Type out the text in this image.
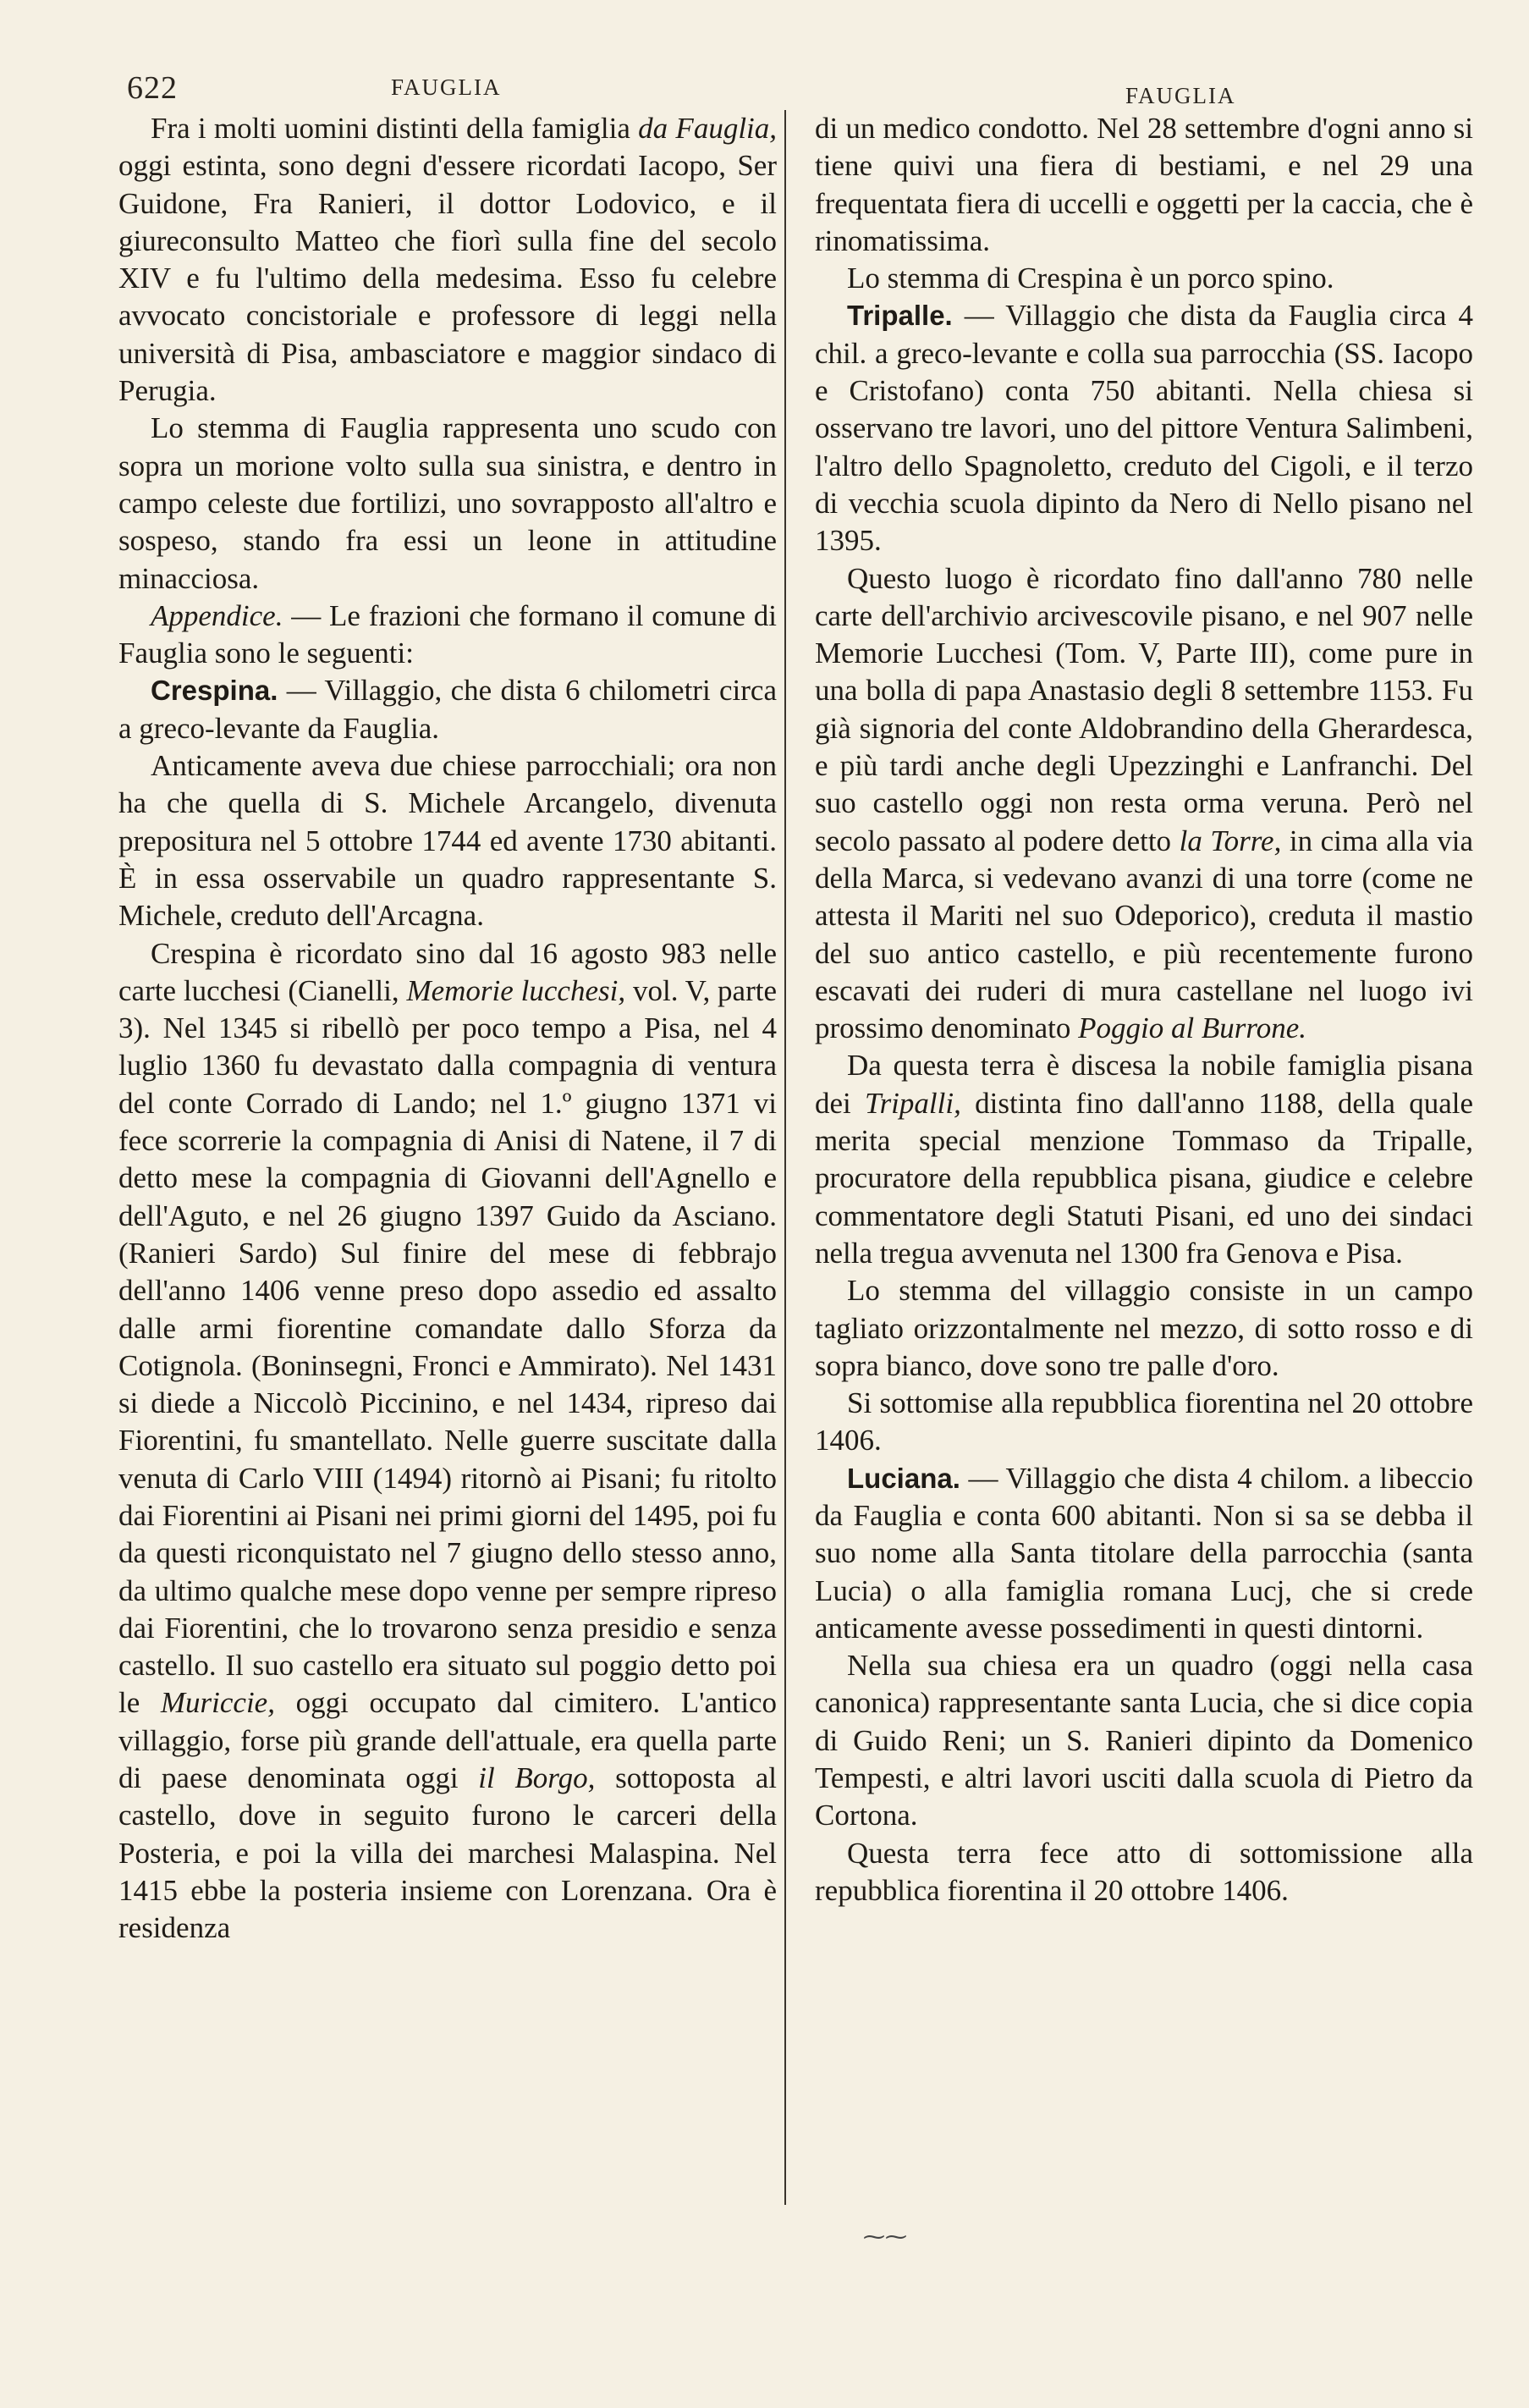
622	FAUGLIA	FAUGLIA

Fra i molti uomini distinti della famiglia da Fauglia, oggi estinta, sono degni d'essere ricordati Iacopo, Ser Guidone, Fra Ranieri, il dottor Lodovico, e il giureconsulto Matteo che fiorì sulla fine del secolo XIV e fu l'ultimo della medesima. Esso fu celebre avvocato concistoriale e professore di leggi nella università di Pisa, ambasciatore e maggior sindaco di Perugia.

Lo stemma di Fauglia rappresenta uno scudo con sopra un morione volto sulla sua sinistra, e dentro in campo celeste due fortilizi, uno sovrapposto all'altro e sospeso, stando fra essi un leone in attitudine minacciosa.

Appendice. — Le frazioni che formano il comune di Fauglia sono le seguenti:

Crespina. — Villaggio, che dista 6 chilometri circa a greco-levante da Fauglia.

Anticamente aveva due chiese parrocchiali; ora non ha che quella di S. Michele Arcangelo, divenuta prepositura nel 5 ottobre 1744 ed avente 1730 abitanti. È in essa osservabile un quadro rappresentante S. Michele, creduto dell'Arcagna.

Crespina è ricordato sino dal 16 agosto 983 nelle carte lucchesi (Cianelli, Memorie lucchesi, vol. V, parte 3). Nel 1345 si ribellò per poco tempo a Pisa, nel 4 luglio 1360 fu devastato dalla compagnia di ventura del conte Corrado di Lando; nel 1.º giugno 1371 vi fece scorrerie la compagnia di Anisi di Natene, il 7 di detto mese la compagnia di Giovanni dell'Agnello e dell'Aguto, e nel 26 giugno 1397 Guido da Asciano. (Ranieri Sardo) Sul finire del mese di febbrajo dell'anno 1406 venne preso dopo assedio ed assalto dalle armi fiorentine comandate dallo Sforza da Cotignola. (Boninsegni, Fronci e Ammirato). Nel 1431 si diede a Niccolò Piccinino, e nel 1434, ripreso dai Fiorentini, fu smantellato. Nelle guerre suscitate dalla venuta di Carlo VIII (1494) ritornò ai Pisani; fu ritolto dai Fiorentini ai Pisani nei primi giorni del 1495, poi fu da questi riconquistato nel 7 giugno dello stesso anno, da ultimo qualche mese dopo venne per sempre ripreso dai Fiorentini, che lo trovarono senza presidio e senza castello. Il suo castello era situato sul poggio detto poi le Muriccie, oggi occupato dal cimitero. L'antico villaggio, forse più grande dell'attuale, era quella parte di paese denominata oggi il Borgo, sottoposta al castello, dove in seguito furono le carceri della Posteria, e poi la villa dei marchesi Malaspina. Nel 1415 ebbe la posteria insieme con Lorenzana. Ora è residenza

di un medico condotto. Nel 28 settembre d'ogni anno si tiene quivi una fiera di bestiami, e nel 29 una frequentata fiera di uccelli e oggetti per la caccia, che è rinomatissima.

Lo stemma di Crespina è un porco spino.

Tripalle. — Villaggio che dista da Fauglia circa 4 chil. a greco-levante e colla sua parrocchia (SS. Iacopo e Cristofano) conta 750 abitanti. Nella chiesa si osservano tre lavori, uno del pittore Ventura Salimbeni, l'altro dello Spagnoletto, creduto del Cigoli, e il terzo di vecchia scuola dipinto da Nero di Nello pisano nel 1395.

Questo luogo è ricordato fino dall'anno 780 nelle carte dell'archivio arcivescovile pisano, e nel 907 nelle Memorie Lucchesi (Tom. V, Parte III), come pure in una bolla di papa Anastasio degli 8 settembre 1153. Fu già signoria del conte Aldobrandino della Gherardesca, e più tardi anche degli Upezzinghi e Lanfranchi. Del suo castello oggi non resta orma veruna. Però nel secolo passato al podere detto la Torre, in cima alla via della Marca, si vedevano avanzi di una torre (come ne attesta il Mariti nel suo Odeporico), creduta il mastio del suo antico castello, e più recentemente furono escavati dei ruderi di mura castellane nel luogo ivi prossimo denominato Poggio al Burrone.

Da questa terra è discesa la nobile famiglia pisana dei Tripalli, distinta fino dall'anno 1188, della quale merita special menzione Tommaso da Tripalle, procuratore della repubblica pisana, giudice e celebre commentatore degli Statuti Pisani, ed uno dei sindaci nella tregua avvenuta nel 1300 fra Genova e Pisa.

Lo stemma del villaggio consiste in un campo tagliato orizzontalmente nel mezzo, di sotto rosso e di sopra bianco, dove sono tre palle d'oro.

Si sottomise alla repubblica fiorentina nel 20 ottobre 1406.

Luciana. — Villaggio che dista 4 chilom. a libeccio da Fauglia e conta 600 abitanti. Non si sa se debba il suo nome alla Santa titolare della parrocchia (santa Lucia) o alla famiglia romana Lucj, che si crede anticamente avesse possedimenti in questi dintorni.

Nella sua chiesa era un quadro (oggi nella casa canonica) rappresentante santa Lucia, che si dice copia di Guido Reni; un S. Ranieri dipinto da Domenico Tempesti, e altri lavori usciti dalla scuola di Pietro da Cortona.

Questa terra fece atto di sottomissione alla repubblica fiorentina il 20 ottobre 1406.

⁓⁓
